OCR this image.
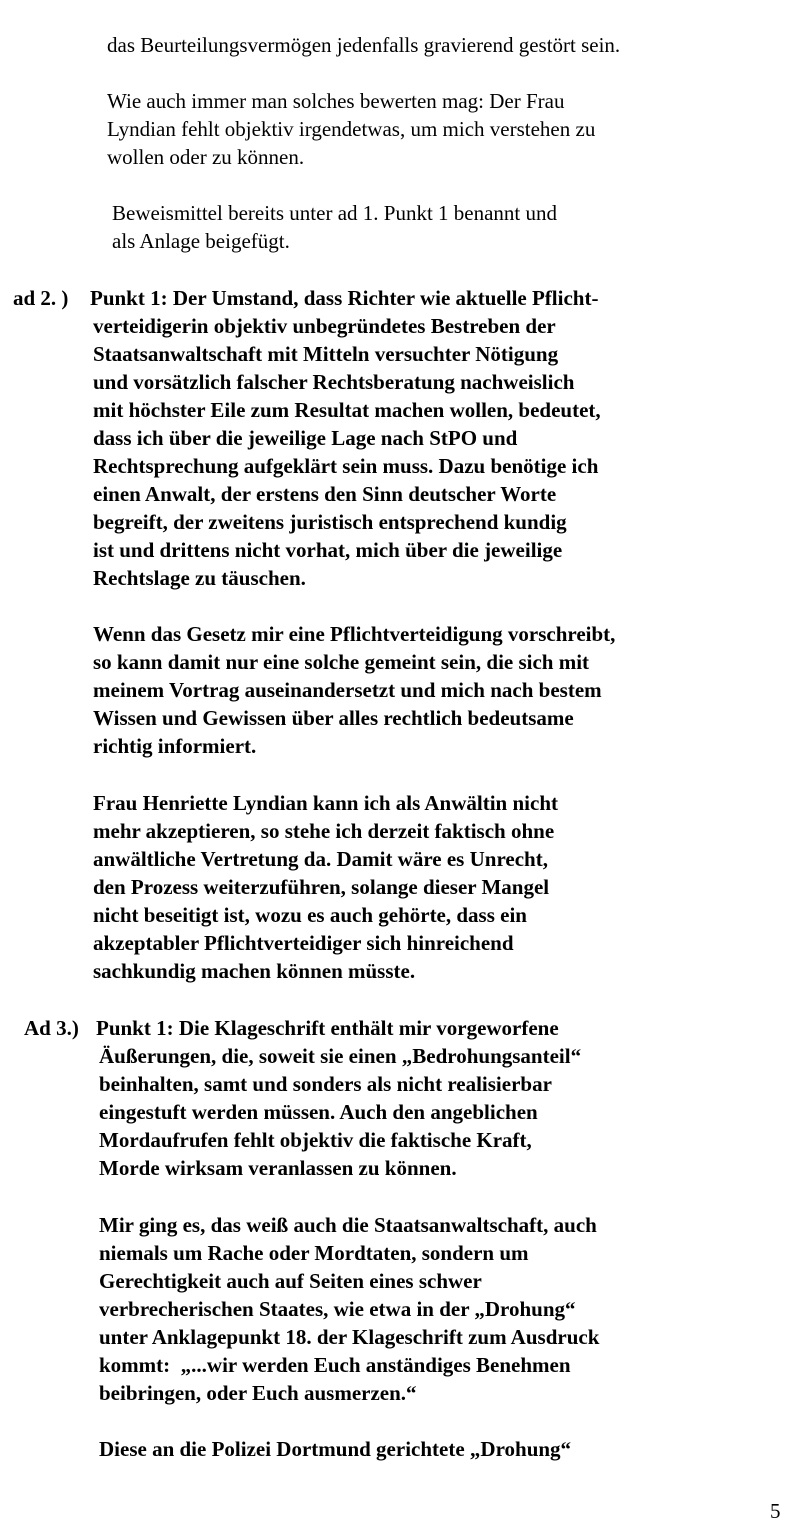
das Beurteilungsvermögen jedenfalls gravierend gestört sein.
Wie auch immer man solches bewerten mag: Der Frau
Lyndian fehlt objektiv irgendetwas, um mich verstehen zu
wollen oder zu können.
Beweismittel bereits unter ad 1. Punkt 1 benannt und
als Anlage beigefügt.
ad 2. ) Punkt 1: Der Umstand, dass Richter wie aktuelle Pflicht-
verteidigerin objektiv unbegründetes Bestreben der
Staatsanwaltschaft mit Mitteln versuchter Nötigung
und vorsätzlich falscher Rechtsberatung nachweislich
mit höchster Eile zum Resultat machen wollen, bedeutet,
dass ich über die jeweilige Lage nach StPO und
Rechtsprechung aufgeklärt sein muss. Dazu benötige ich
einen Anwalt, der erstens den Sinn deutscher Worte
begreift, der zweitens juristisch entsprechend kundig
ist und drittens nicht vorhat, mich über die jeweilige
Rechtslage zu täuschen.
Wenn das Gesetz mir eine Pflichtverteidigung vorschreibt,
so kann damit nur eine solche gemeint sein, die sich mit
meinem Vortrag auseinandersetzt und mich nach bestem
Wissen und Gewissen über alles rechtlich bedeutsame
richtig informiert.
Frau Henriette Lyndian kann ich als Anwältin nicht
mehr akzeptieren, so stehe ich derzeit faktisch ohne
anwältliche Vertretung da. Damit wäre es Unrecht,
den Prozess weiterzuführen, solange dieser Mangel
nicht beseitigt ist, wozu es auch gehörte, dass ein
akzeptabler Pflichtverteidiger sich hinreichend
sachkundig machen können müsste.
Ad 3.) Punkt 1: Die Klageschrift enthält mir vorgeworfene
Äußerungen, die, soweit sie einen „Bedrohungsanteil“
beinhalten, samt und sonders als nicht realisierbar
eingestuft werden müssen. Auch den angeblichen
Mordaufrufen fehlt objektiv die faktische Kraft,
Morde wirksam veranlassen zu können.
Mir ging es, das weiß auch die Staatsanwaltschaft, auch
niemals um Rache oder Mordtaten, sondern um
Gerechtigkeit auch auf Seiten eines schwer
verbrecherischen Staates, wie etwa in der „Drohung“
unter Anklagepunkt 18. der Klageschrift zum Ausdruck
kommt:  „...wir werden Euch anständiges Benehmen
beibringen, oder Euch ausmerzen.“
Diese an die Polizei Dortmund gerichtete „Drohung“
5
